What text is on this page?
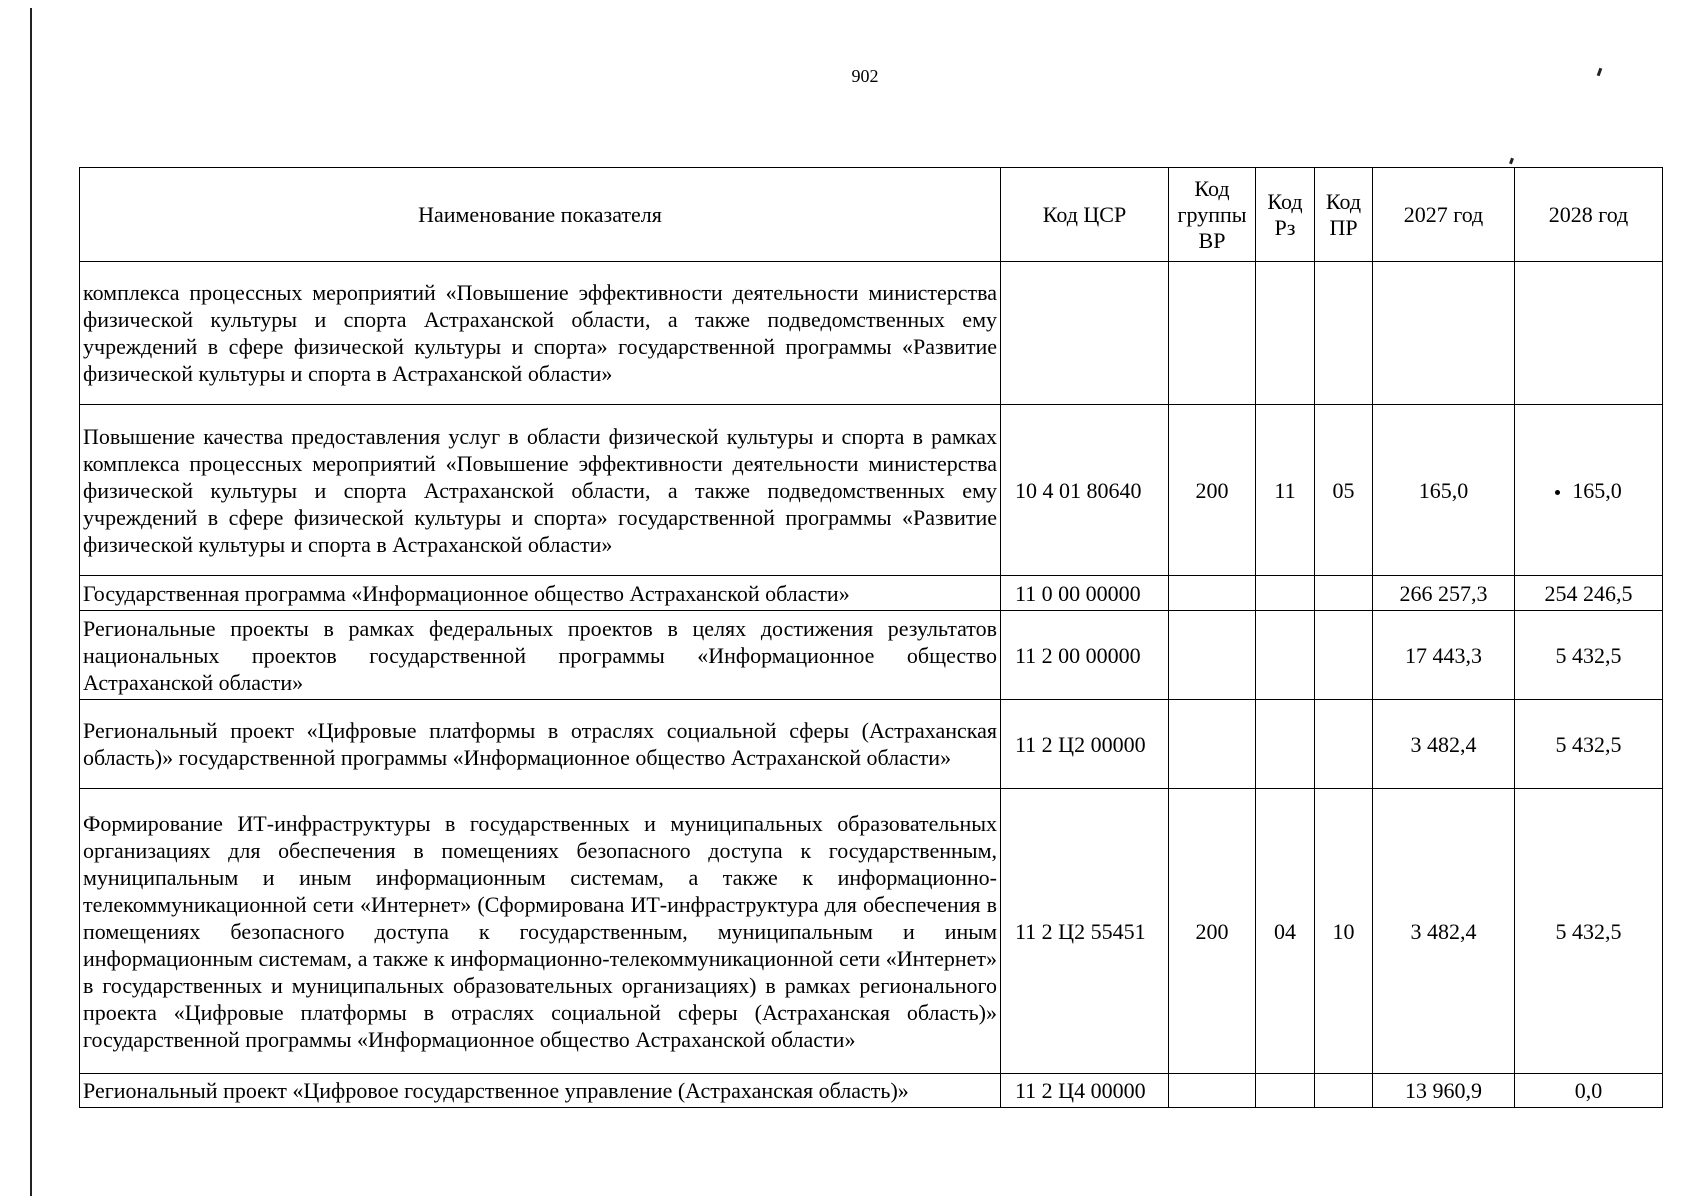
902
Наименование показателя	Код ЦСР	Код группы ВР	Код Рз	Код ПР	2027 год	2028 год
комплекса процессных мероприятий «Повышение эффективности деятельности министерства физической культуры и спорта Астраханской области, а также подведомственных ему учреждений в сфере физической культуры и спорта» государственной программы «Развитие физической культуры и спорта в Астраханской области»						
Повышение качества предоставления услуг в области физической культуры и спорта в рамках комплекса процессных мероприятий «Повышение эффективности деятельности министерства физической культуры и спорта Астраханской области, а также подведомственных ему учреждений в сфере физической культуры и спорта» государственной программы «Развитие физической культуры и спорта в Астраханской области»	10 4 01 80640	200	11	05	165,0	165,0
Государственная программа «Информационное общество Астраханской области»	11 0 00 00000				266 257,3	254 246,5
Региональные проекты в рамках федеральных проектов в целях достижения результатов национальных проектов государственной программы «Информационное общество Астраханской области»	11 2 00 00000				17 443,3	5 432,5
Региональный проект «Цифровые платформы в отраслях социальной сферы (Астраханская область)» государственной программы «Информационное общество Астраханской области»	11 2 Ц2 00000				3 482,4	5 432,5
Формирование ИТ-инфраструктуры в государственных и муниципальных образовательных организациях для обеспечения в помещениях безопасного доступа к государственным, муниципальным и иным информационным системам, а также к информационно-телекоммуникационной сети «Интернет» (Сформирована ИТ-инфраструктура для обеспечения в помещениях безопасного доступа к государственным, муниципальным и иным информационным системам, а также к информационно-телекоммуникационной сети «Интернет» в государственных и муниципальных образовательных организациях) в рамках регионального проекта «Цифровые платформы в отраслях социальной сферы (Астраханская область)» государственной программы «Информационное общество Астраханской области»	11 2 Ц2 55451	200	04	10	3 482,4	5 432,5
Региональный проект «Цифровое государственное управление (Астраханская область)»	11 2 Ц4 00000				13 960,9	0,0
